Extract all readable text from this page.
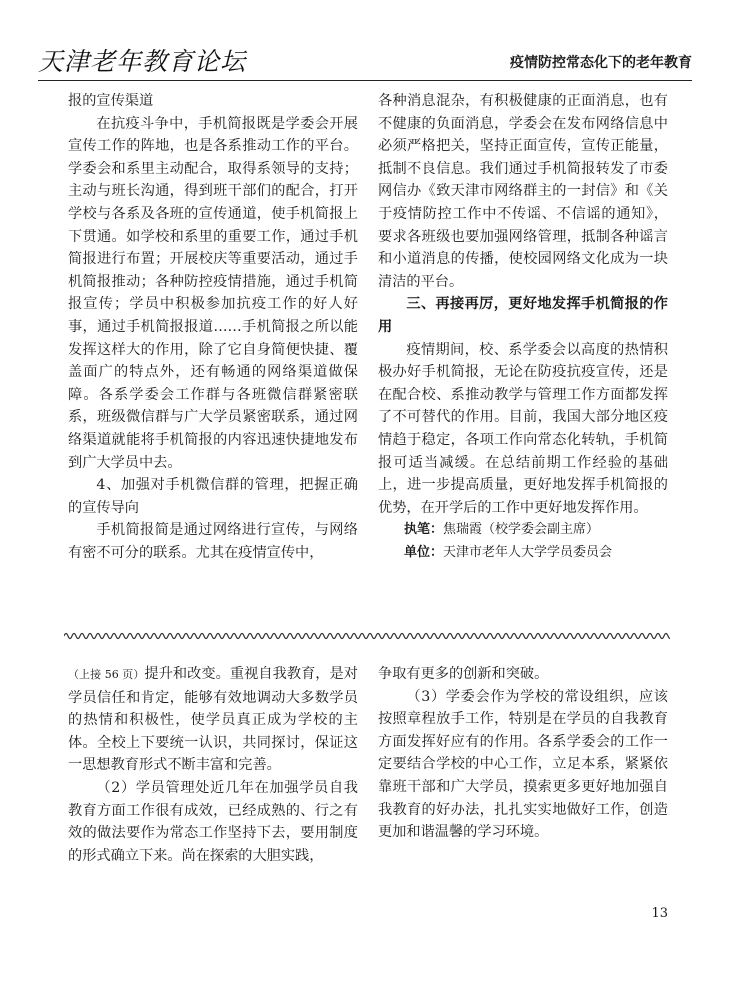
天津老年教育论坛	疫情防控常态化下的老年教育

报的宣传渠道

在抗疫斗争中，手机简报既是学委会开展宣传工作的阵地，也是各系推动工作的平台。学委会和系里主动配合，取得系领导的支持；主动与班长沟通，得到班干部们的配合，打开学校与各系及各班的宣传通道，使手机简报上下贯通。如学校和系里的重要工作，通过手机简报进行布置；开展校庆等重要活动，通过手机简报推动；各种防控疫情措施，通过手机简报宣传；学员中积极参加抗疫工作的好人好事，通过手机简报报道……手机简报之所以能发挥这样大的作用，除了它自身简便快捷、覆盖面广的特点外，还有畅通的网络渠道做保障。各系学委会工作群与各班微信群紧密联系，班级微信群与广大学员紧密联系，通过网络渠道就能将手机简报的内容迅速快捷地发布到广大学员中去。

4、加强对手机微信群的管理，把握正确的宣传导向

手机简报简是通过网络进行宣传，与网络有密不可分的联系。尤其在疫情宣传中，

各种消息混杂，有积极健康的正面消息，也有不健康的负面消息，学委会在发布网络信息中必须严格把关，坚持正面宣传，宣传正能量，抵制不良信息。我们通过手机简报转发了市委网信办《致天津市网络群主的一封信》和《关于疫情防控工作中不传谣、不信谣的通知》，要求各班级也要加强网络管理，抵制各种谣言和小道消息的传播，使校园网络文化成为一块清洁的平台。

三、再接再厉，更好地发挥手机简报的作用

疫情期间，校、系学委会以高度的热情积极办好手机简报，无论在防疫抗疫宣传，还是在配合校、系推动教学与管理工作方面都发挥了不可替代的作用。目前，我国大部分地区疫情趋于稳定，各项工作向常态化转轨，手机简报可适当减缓。在总结前期工作经验的基础上，进一步提高质量，更好地发挥手机简报的优势，在开学后的工作中更好地发挥作用。

执笔：焦瑞霞（校学委会副主席）

单位：天津市老年人大学学员委员会

（上接 56 页）提升和改变。重视自我教育，是对学员信任和肯定，能够有效地调动大多数学员的热情和积极性，使学员真正成为学校的主体。全校上下要统一认识，共同探讨，保证这一思想教育形式不断丰富和完善。

（2）学员管理处近几年在加强学员自我教育方面工作很有成效，已经成熟的、行之有效的做法要作为常态工作坚持下去，要用制度的形式确立下来。尚在探索的大胆实践，

争取有更多的创新和突破。

（3）学委会作为学校的常设组织，应该按照章程放手工作，特别是在学员的自我教育方面发挥好应有的作用。各系学委会的工作一定要结合学校的中心工作，立足本系，紧紧依靠班干部和广大学员，摸索更多更好地加强自我教育的好办法，扎扎实实地做好工作，创造更加和谐温馨的学习环境。

13
